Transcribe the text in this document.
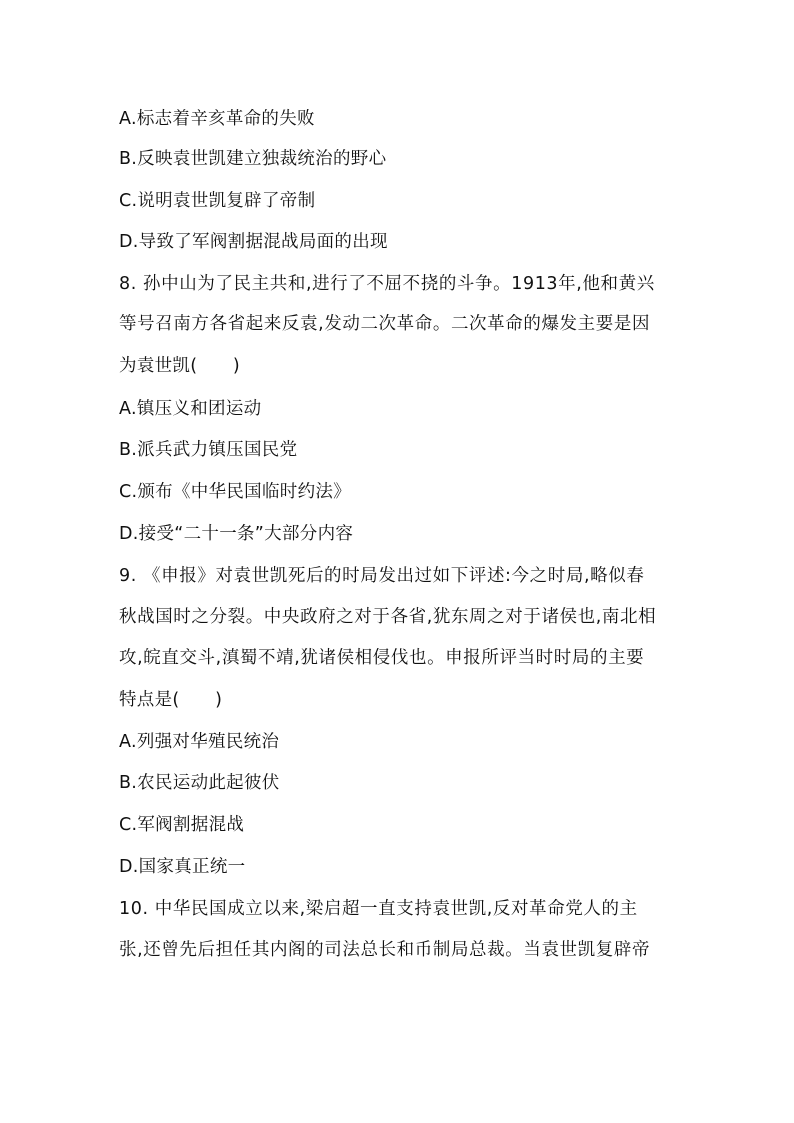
A.标志着辛亥革命的失败
B.反映袁世凯建立独裁统治的野心
C.说明袁世凯复辟了帝制
D.导致了军阀割据混战局面的出现
8. 孙中山为了民主共和,进行了不屈不挠的斗争。1913年,他和黄兴
等号召南方各省起来反袁,发动二次革命。二次革命的爆发主要是因
为袁世凯(　　)
A.镇压义和团运动
B.派兵武力镇压国民党
C.颁布《中华民国临时约法》
D.接受“二十一条”大部分内容
9. 《申报》对袁世凯死后的时局发出过如下评述:今之时局,略似春
秋战国时之分裂。中央政府之对于各省,犹东周之对于诸侯也,南北相
攻,皖直交斗,滇蜀不靖,犹诸侯相侵伐也。申报所评当时时局的主要
特点是(　　)
A.列强对华殖民统治
B.农民运动此起彼伏
C.军阀割据混战
D.国家真正统一
10. 中华民国成立以来,梁启超一直支持袁世凯,反对革命党人的主
张,还曾先后担任其内阁的司法总长和币制局总裁。当袁世凯复辟帝
